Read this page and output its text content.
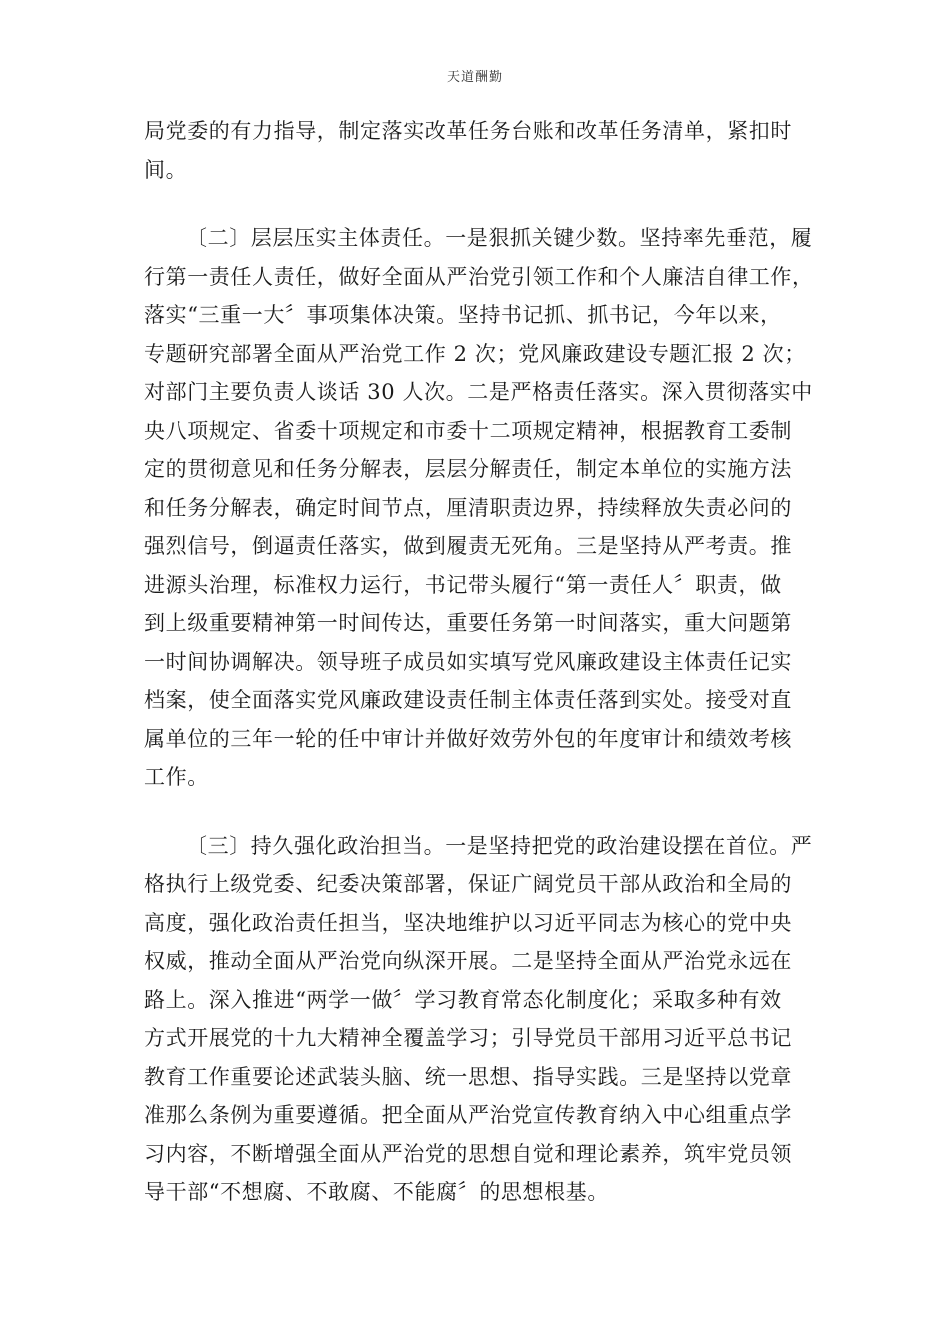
天道酬勤

局党委的有力指导，制定落实改革任务台账和改革任务清单，紧扣时
间。

〔二〕层层压实主体责任。一是狠抓关键少数。坚持率先垂范，履
行第一责任人责任，做好全面从严治党引领工作和个人廉洁自律工作，
落实“三重一大〞事项集体决策。坚持书记抓、抓书记，今年以来，
专题研究部署全面从严治党工作 2 次；党风廉政建设专题汇报 2 次；
对部门主要负责人谈话 30 人次。二是严格责任落实。深入贯彻落实中
央八项规定、省委十项规定和市委十二项规定精神，根据教育工委制
定的贯彻意见和任务分解表，层层分解责任，制定本单位的实施方法
和任务分解表，确定时间节点，厘清职责边界，持续释放失责必问的
强烈信号，倒逼责任落实，做到履责无死角。三是坚持从严考责。推
进源头治理，标准权力运行，书记带头履行“第一责任人〞职责，做
到上级重要精神第一时间传达，重要任务第一时间落实，重大问题第
一时间协调解决。领导班子成员如实填写党风廉政建设主体责任记实
档案，使全面落实党风廉政建设责任制主体责任落到实处。接受对直
属单位的三年一轮的任中审计并做好效劳外包的年度审计和绩效考核
工作。

〔三〕持久强化政治担当。一是坚持把党的政治建设摆在首位。严
格执行上级党委、纪委决策部署，保证广阔党员干部从政治和全局的
高度，强化政治责任担当，坚决地维护以习近平同志为核心的党中央
权威，推动全面从严治党向纵深开展。二是坚持全面从严治党永远在
路上。深入推进“两学一做〞学习教育常态化制度化；采取多种有效
方式开展党的十九大精神全覆盖学习；引导党员干部用习近平总书记
教育工作重要论述武装头脑、统一思想、指导实践。三是坚持以党章
准那么条例为重要遵循。把全面从严治党宣传教育纳入中心组重点学
习内容，不断增强全面从严治党的思想自觉和理论素养，筑牢党员领
导干部“不想腐、不敢腐、不能腐〞的思想根基。
